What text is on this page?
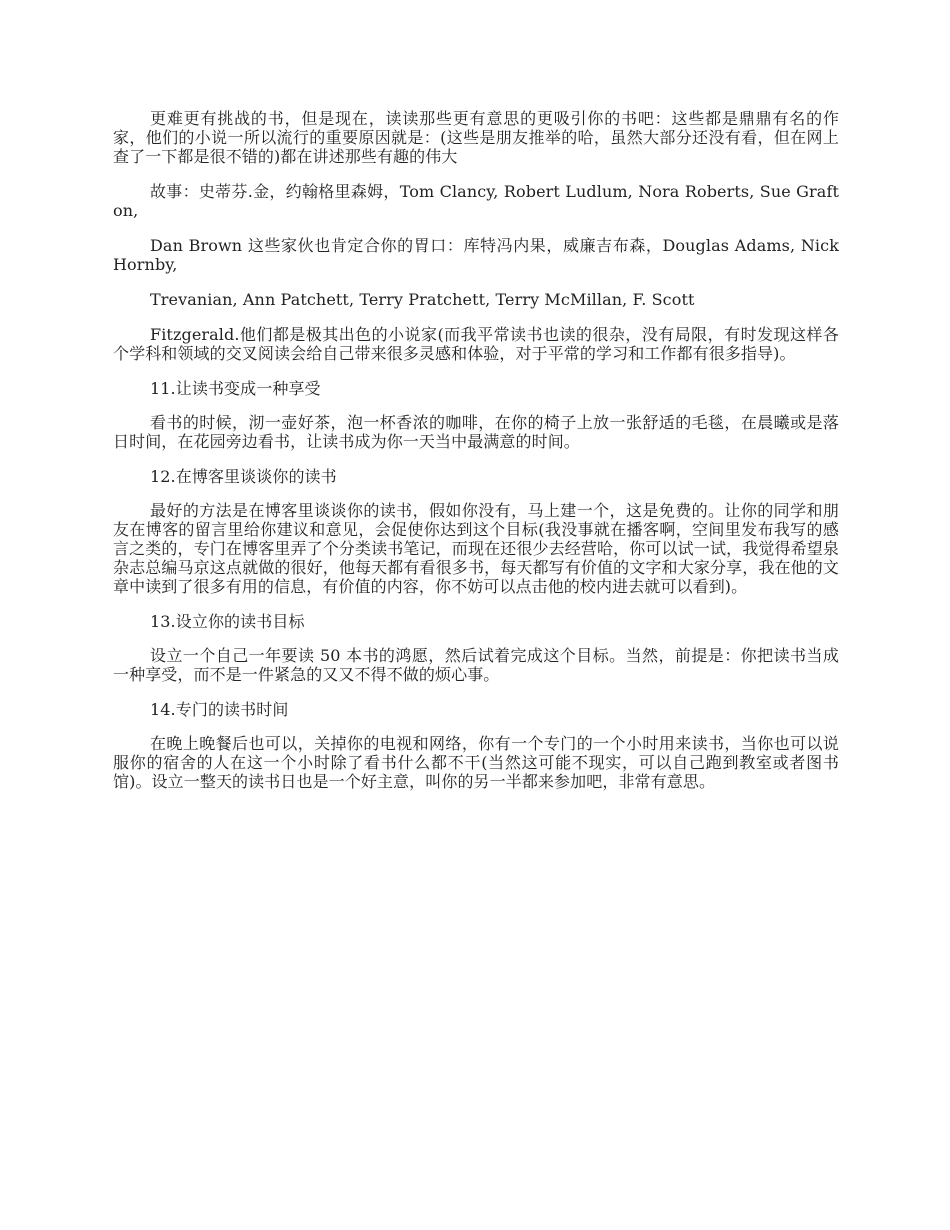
更难更有挑战的书，但是现在，读读那些更有意思的更吸引你的书吧：这些都是鼎鼎有名的作家，他们的小说一所以流行的重要原因就是：(这些是朋友推举的哈，虽然大部分还没有看，但在网上查了一下都是很不错的)都在讲述那些有趣的伟大

故事：史蒂芬.金，约翰格里森姆，Tom Clancy, Robert Ludlum, Nora Roberts, Sue Grafton,

Dan Brown 这些家伙也肯定合你的胃口：库特冯内果，威廉吉布森，Douglas Adams, Nick Hornby,

Trevanian, Ann Patchett, Terry Pratchett, Terry McMillan, F. Scott

Fitzgerald.他们都是极其出色的小说家(而我平常读书也读的很杂，没有局限，有时发现这样各个学科和领域的交叉阅读会给自己带来很多灵感和体验，对于平常的学习和工作都有很多指导)。

11.让读书变成一种享受

看书的时候，沏一壶好茶，泡一杯香浓的咖啡，在你的椅子上放一张舒适的毛毯，在晨曦或是落日时间，在花园旁边看书，让读书成为你一天当中最满意的时间。

12.在博客里谈谈你的读书

最好的方法是在博客里谈谈你的读书，假如你没有，马上建一个，这是免费的。让你的同学和朋友在博客的留言里给你建议和意见，会促使你达到这个目标(我没事就在播客啊，空间里发布我写的感言之类的，专门在博客里弄了个分类读书笔记，而现在还很少去经营哈，你可以试一试，我觉得希望泉杂志总编马京这点就做的很好，他每天都有看很多书，每天都写有价值的文字和大家分享，我在他的文章中读到了很多有用的信息，有价值的内容，你不妨可以点击他的校内进去就可以看到)。

13.设立你的读书目标

设立一个自己一年要读 50 本书的鸿愿，然后试着完成这个目标。当然，前提是：你把读书当成一种享受，而不是一件紧急的又又不得不做的烦心事。

14.专门的读书时间

在晚上晚餐后也可以，关掉你的电视和网络，你有一个专门的一个小时用来读书，当你也可以说服你的宿舍的人在这一个小时除了看书什么都不干(当然这可能不现实，可以自己跑到教室或者图书馆)。设立一整天的读书日也是一个好主意，叫你的另一半都来参加吧，非常有意思。
